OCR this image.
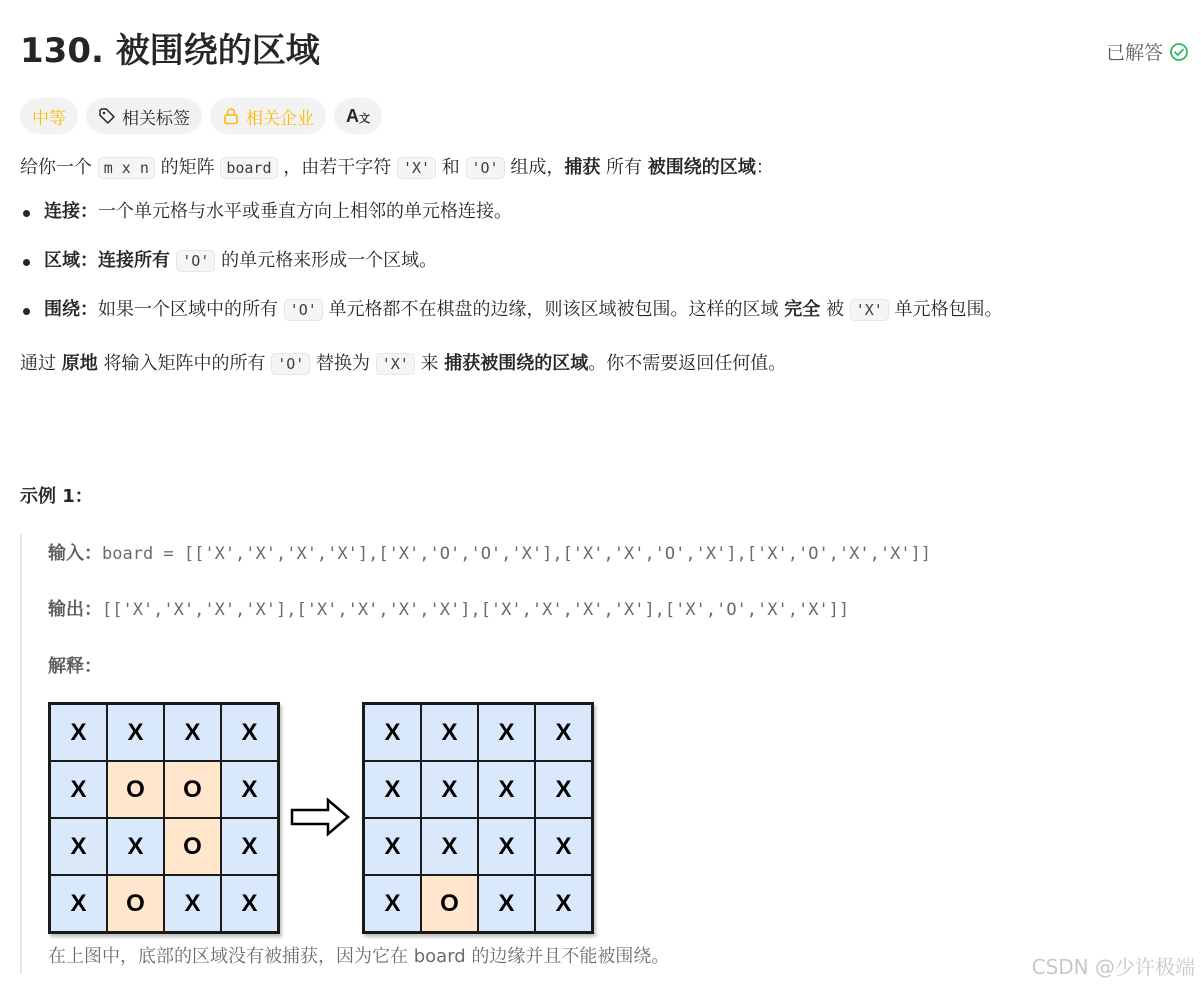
130. 被围绕的区域	已解答
中等	相关标签	相关企业 A文

给你一个 m x n 的矩阵 board ，由若干字符 'X' 和 'O' 组成，捕获 所有 被围绕的区域：

连接：一个单元格与水平或垂直方向上相邻的单元格连接。
区域：连接所有 'O' 的单元格来形成一个区域。
围绕：如果一个区域中的所有 'O' 单元格都不在棋盘的边缘，则该区域被包围。这样的区域 完全 被 'X' 单元格包围。

通过 原地 将输入矩阵中的所有 'O' 替换为 'X' 来 捕获被围绕的区域。你不需要返回任何值。

示例 1：
输入：board = [['X','X','X','X'],['X','O','O','X'],['X','X','O','X'],['X','O','X','X']]
输出：[['X','X','X','X'],['X','X','X','X'],['X','X','X','X'],['X','O','X','X']]
解释：
X	X	X	X
X	O	O	X
X	X	O	X
X	O	X	X
X	X	X	X
X	X	X	X
X	X	X	X
X	O	X	X
在上图中，底部的区域没有被捕获，因为它在 board 的边缘并且不能被围绕。	CSDN @少许极端
